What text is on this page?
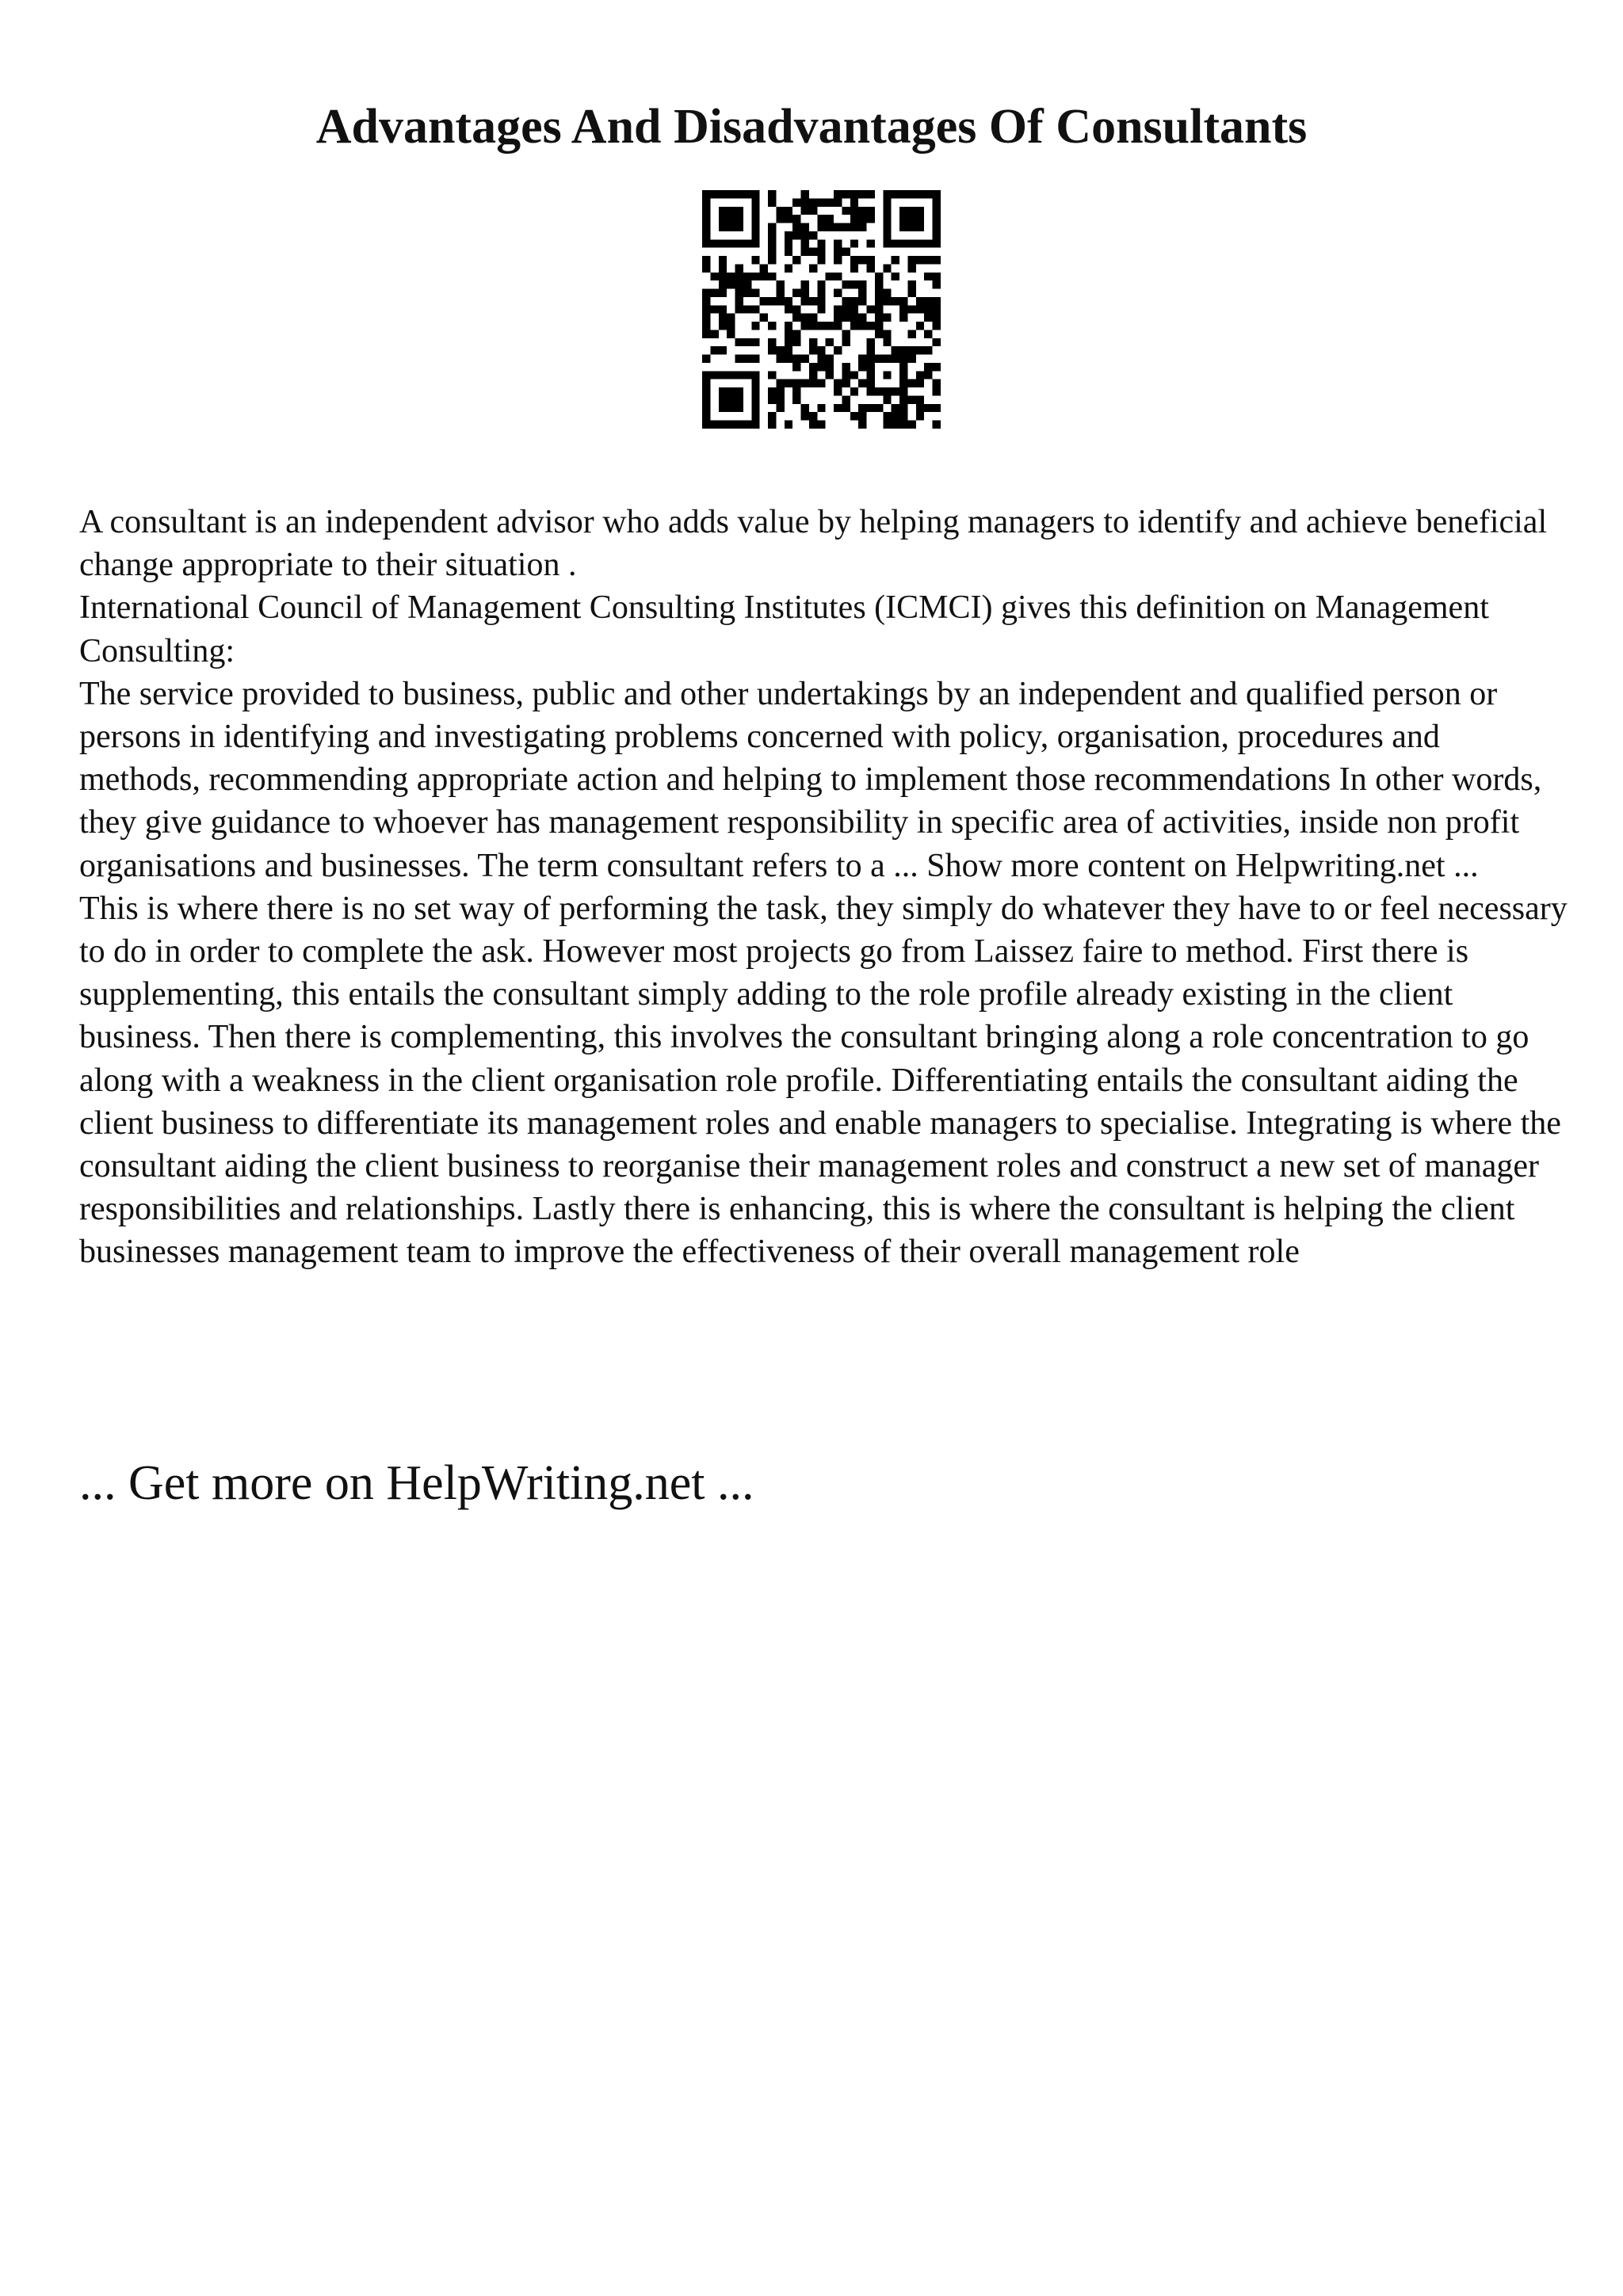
Advantages And Disadvantages Of Consultants

A consultant is an independent advisor who adds value by helping managers to identify and achieve beneficial change appropriate to their situation .

International Council of Management Consulting Institutes (ICMCI) gives this definition on Management Consulting:

The service provided to business, public and other undertakings by an independent and qualified person or persons in identifying and investigating problems concerned with policy, organisation, procedures and methods, recommending appropriate action and helping to implement those recommendations In other words, they give guidance to whoever has management responsibility in specific area of activities, inside non profit organisations and businesses. The term consultant refers to a ... Show more content on Helpwriting.net ...

This is where there is no set way of performing the task, they simply do whatever they have to or feel necessary to do in order to complete the ask. However most projects go from Laissez faire to method. First there is supplementing, this entails the consultant simply adding to the role profile already existing in the client business. Then there is complementing, this involves the consultant bringing along a role concentration to go along with a weakness in the client organisation role profile. Differentiating entails the consultant aiding the client business to differentiate its management roles and enable managers to specialise. Integrating is where the consultant aiding the client business to reorganise their management roles and construct a new set of manager responsibilities and relationships. Lastly there is enhancing, this is where the consultant is helping the client businesses management team to improve the effectiveness of their overall management role

... Get more on HelpWriting.net ...
